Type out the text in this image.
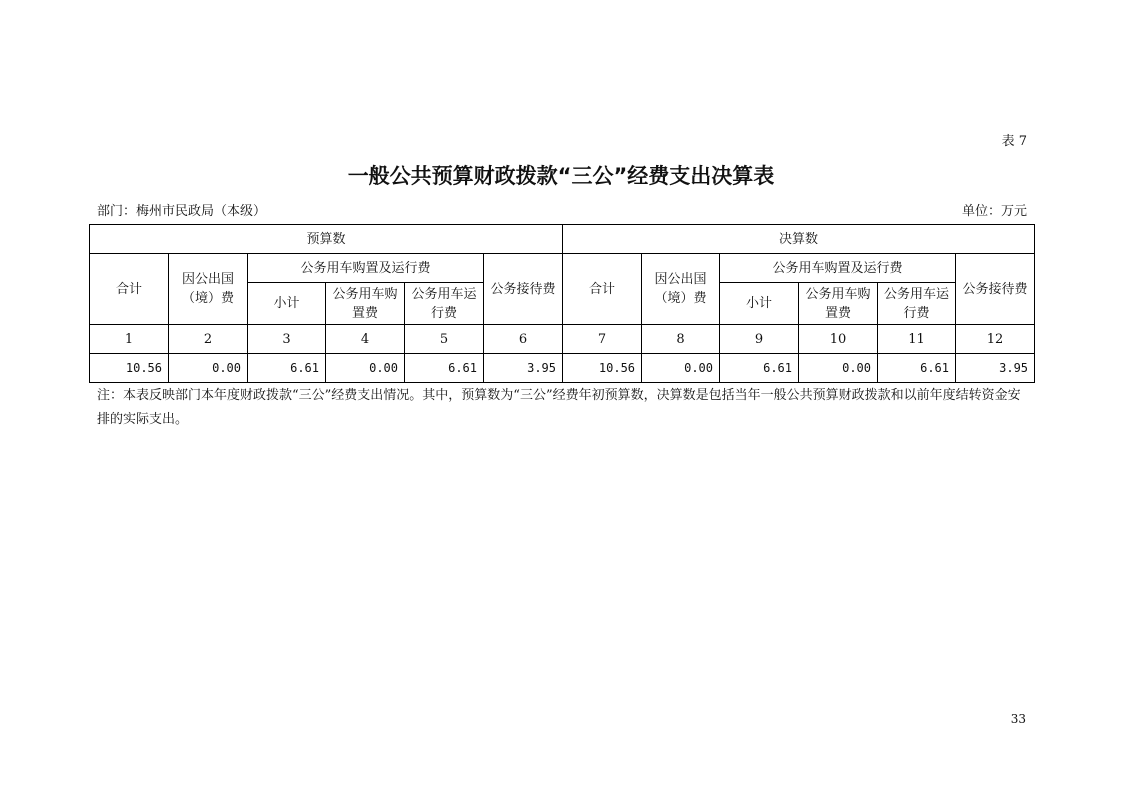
表 7
一般公共预算财政拨款“三公”经费支出决算表
部门：梅州市民政局（本级）	单位：万元
预算数						决算数					
合计	因公出国（境）费	公务用车购置及运行费			公务接待费	合计	因公出国（境）费	公务用车购置及运行费			公务接待费
		小计	公务用车购置费	公务用车运行费				小计	公务用车购置费	公务用车运行费	
1	2	3	4	5	6	7	8	9	10	11	12
10.56	0.00	6.61	0.00	6.61	3.95	10.56	0.00	6.61	0.00	6.61	3.95
注：本表反映部门本年度财政拨款“三公”经费支出情况。其中，预算数为“三公”经费年初预算数，决算数是包括当年一般公共预算财政拨款和以前年度结转资金安排的实际支出。
33
